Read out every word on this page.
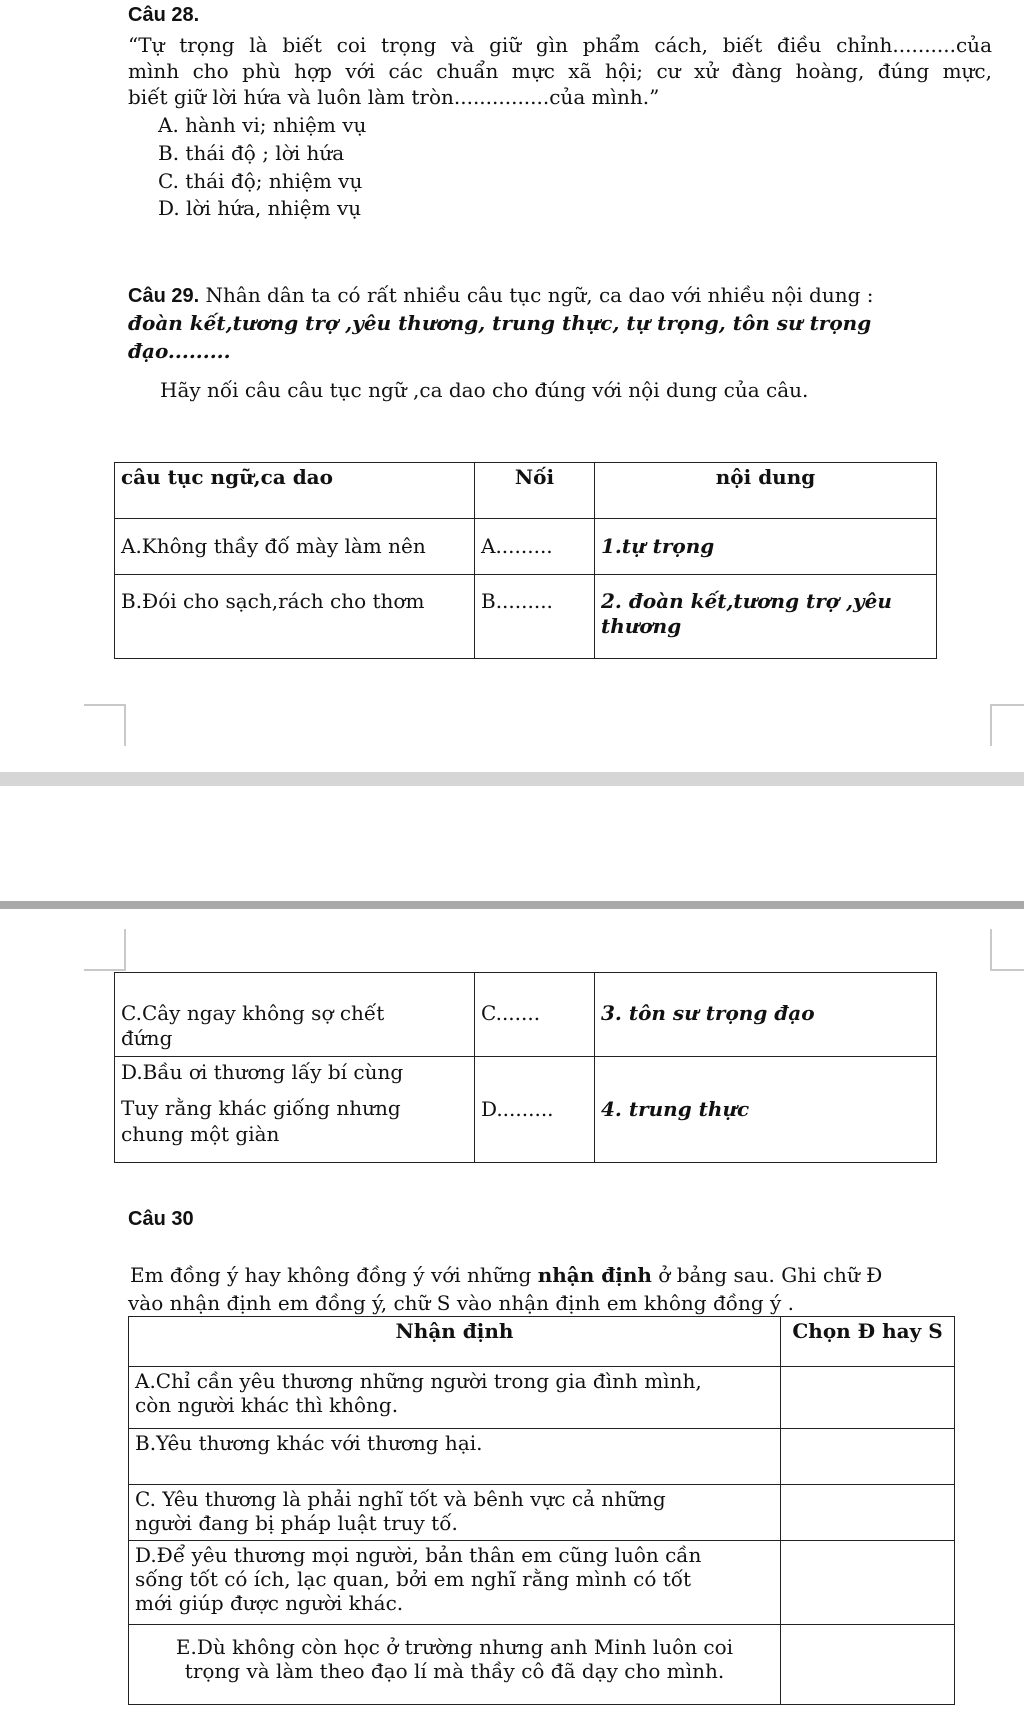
Câu 28.
“Tự trọng là biết coi trọng và giữ gìn phẩm cách, biết điều chỉnh..........của
mình cho phù hợp với các chuẩn mực xã hội; cư xử đàng hoàng, đúng mực,
biết giữ lời hứa và luôn làm tròn...............của mình.”
A. hành vi; nhiệm vụ
B. thái độ ; lời hứa
C. thái độ; nhiệm vụ
D. lời hứa, nhiệm vụ
Câu 29. Nhân dân ta có rất nhiều câu tục ngữ, ca dao với nhiều nội dung :
đoàn kết,tương trợ ,yêu thương, trung thực, tự trọng, tôn sư trọng
đạo.........
Hãy nối câu câu tục ngữ ,ca dao cho đúng với nội dung của câu.
câu tục ngữ,ca dao	Nối	nội dung

A.Không thầy đố mày làm nên	A.........	1.tự trọng

B.Đói cho sạch,rách cho thơm	B.........	2. đoàn kết,tương trợ ,yêu
thương
C.Cây ngay không sợ chết
đứng	C.......	3. tôn sư trọng đạo

D.Bầu ơi thương lấy bí cùng
Tuy rằng khác giống nhưng
chung một giàn	D.........	4. trung thực
Câu 30
Em đồng ý hay không đồng ý với những nhận định ở bảng sau. Ghi chữ Đ
vào nhận định em đồng ý, chữ S vào nhận định em không đồng ý .
Nhận định	Chọn Đ hay S

A.Chỉ cần yêu thương những người trong gia đình mình,
còn người khác thì không.	

B.Yêu thương khác với thương hại.	

C. Yêu thương là phải nghĩ tốt và bênh vực cả những
người đang bị pháp luật truy tố.	

D.Để yêu thương mọi người, bản thân em cũng luôn cần
sống tốt có ích, lạc quan, bởi em nghĩ rằng mình có tốt
mới giúp được người khác.	

E.Dù không còn học ở trường nhưng anh Minh luôn coi
trọng và làm theo đạo lí mà thầy cô đã dạy cho mình.	
